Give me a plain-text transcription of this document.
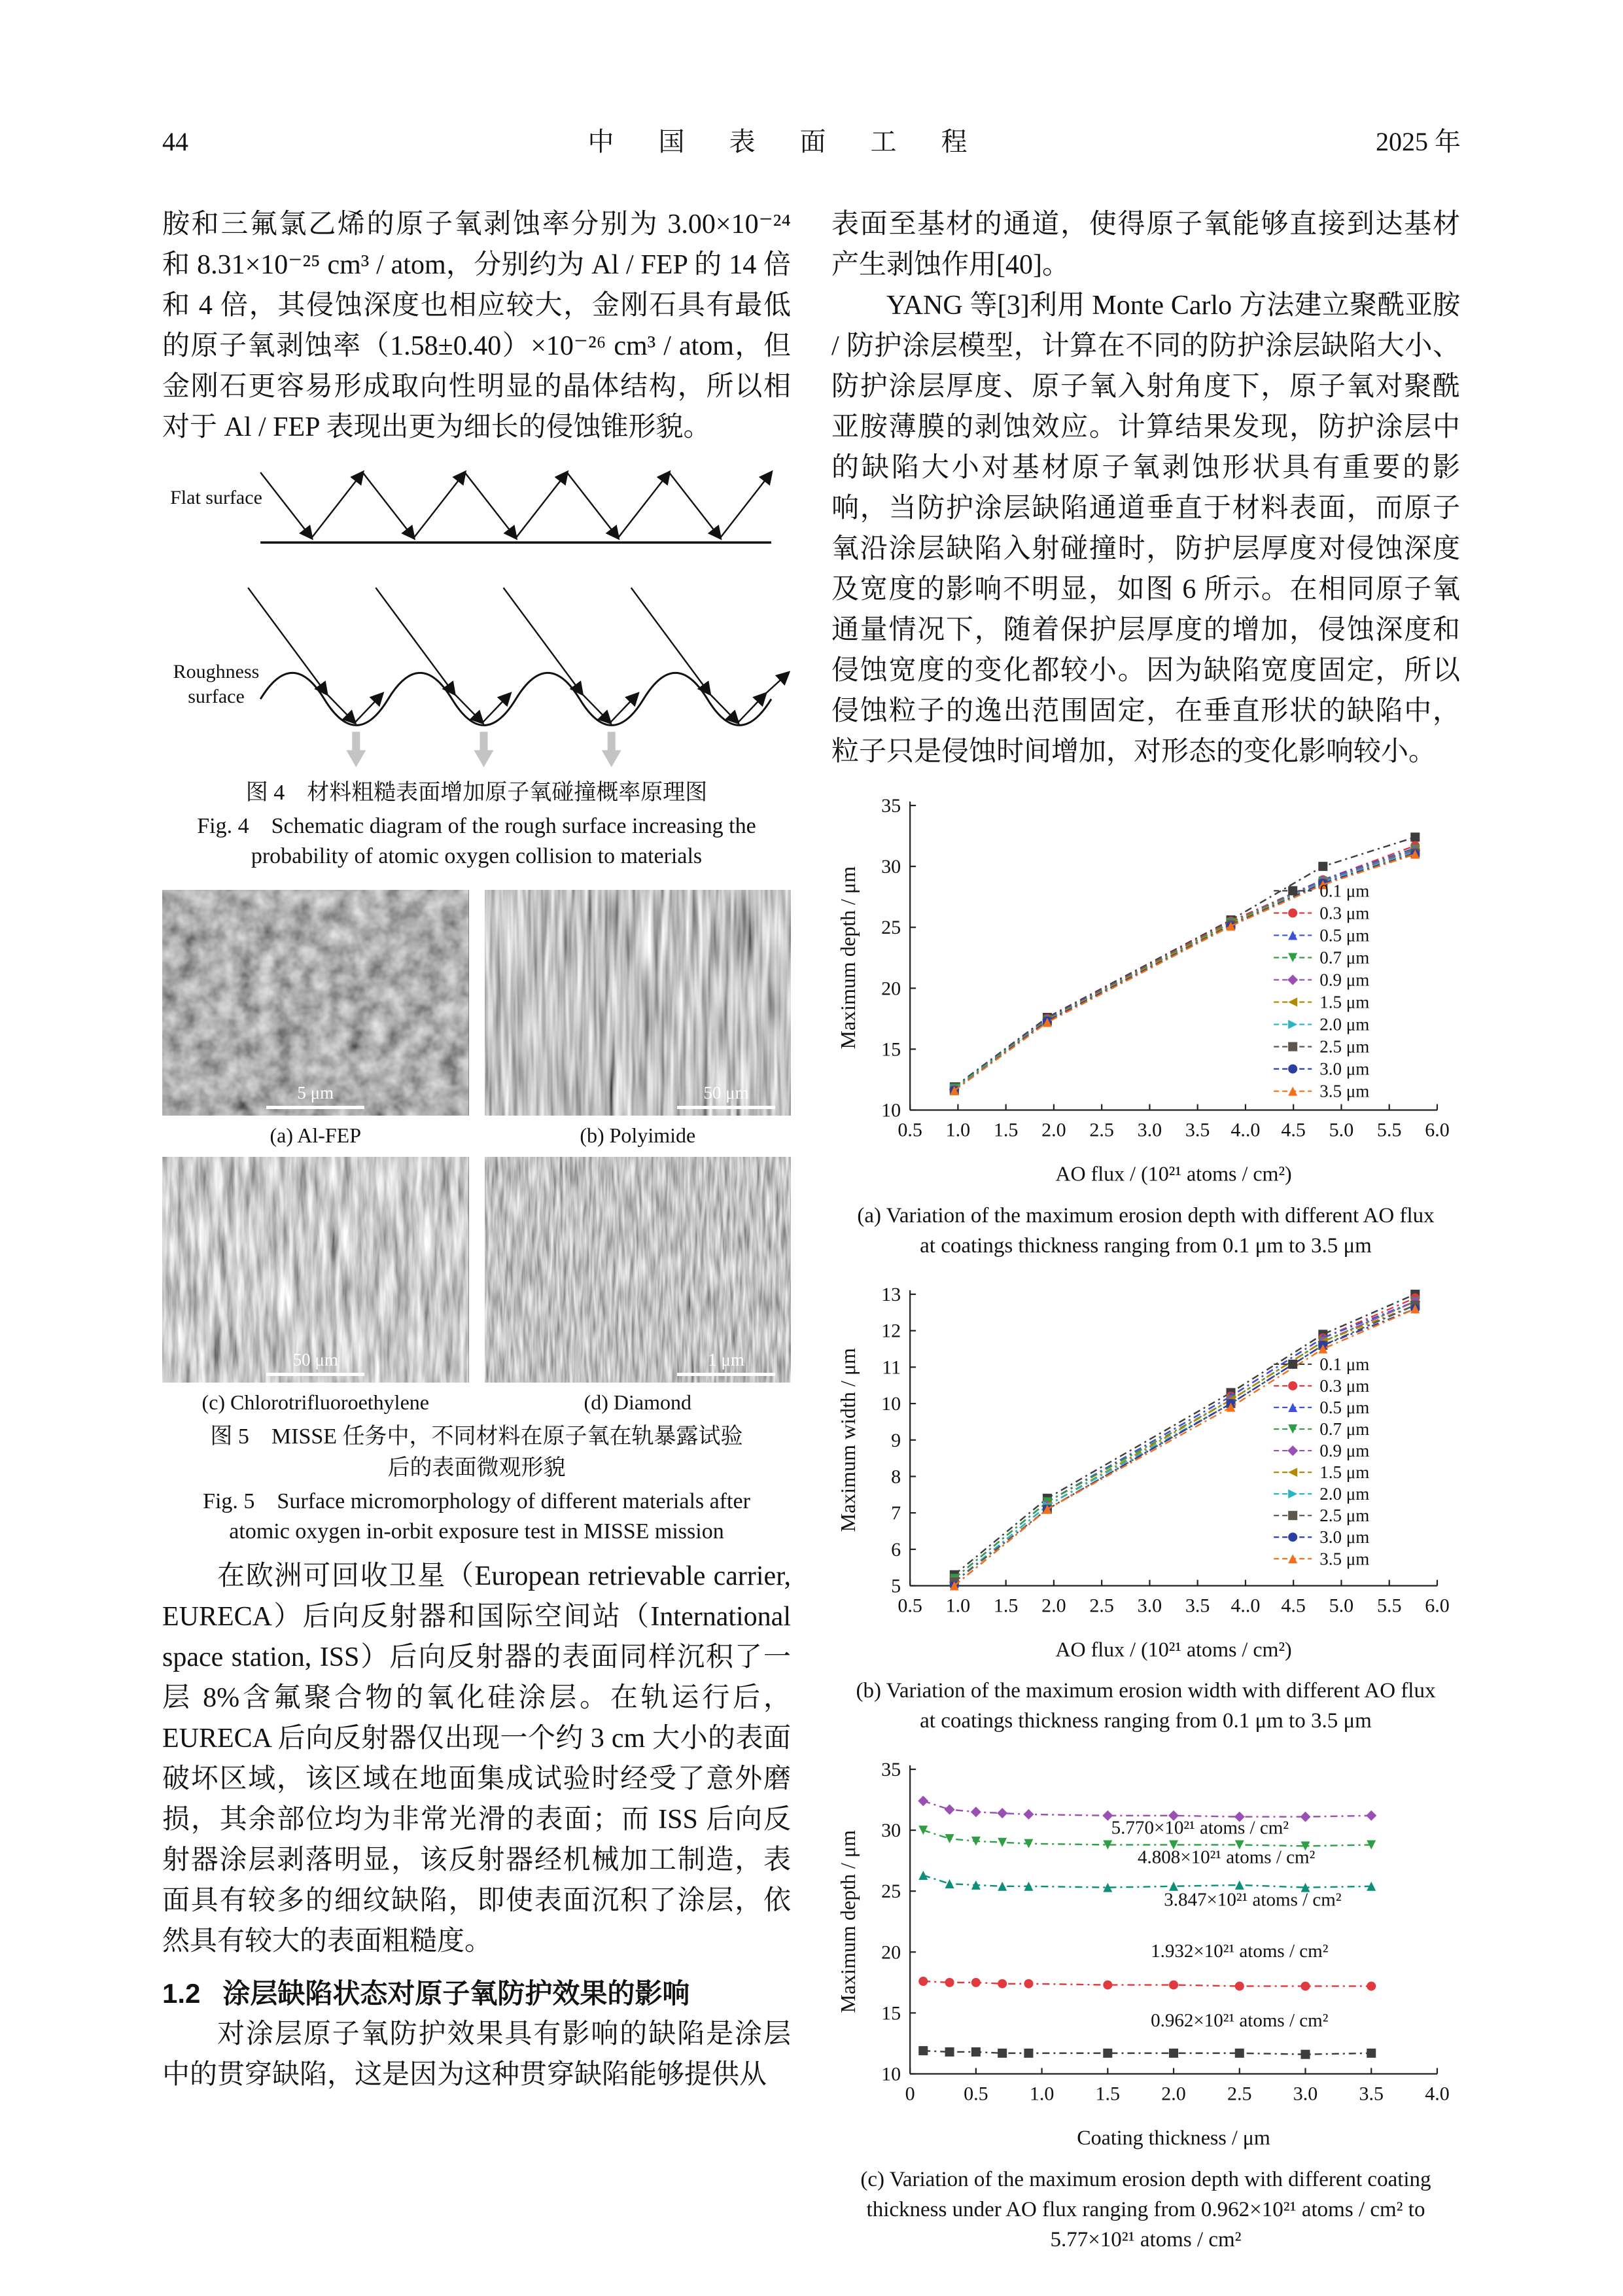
44	中　国　表　面　工　程	2025 年

胺和三氟氯乙烯的原子氧剥蚀率分别为 3.00×10⁻²⁴ 和 8.31×10⁻²⁵ cm³ / atom，分别约为 Al / FEP 的 14 倍和 4 倍，其侵蚀深度也相应较大，金刚石具有最低的原子氧剥蚀率（1.58±0.40）×10⁻²⁶ cm³ / atom，但金刚石更容易形成取向性明显的晶体结构，所以相对于 Al / FEP 表现出更为细长的侵蚀锥形貌。

Flat surface
Roughness surface
图 4　材料粗糙表面增加原子氧碰撞概率原理图
Fig. 4　Schematic diagram of the rough surface increasing the probability of atomic oxygen collision to materials
5 μm
(a) Al-FEP
50 μm
(b) Polyimide
50 μm
(c) Chlorotrifluoroethylene
1 μm
(d) Diamond
图 5　MISSE 任务中，不同材料在原子氧在轨暴露试验后的表面微观形貌
Fig. 5　Surface micromorphology of different materials after atomic oxygen in-orbit exposure test in MISSE mission

在欧洲可回收卫星（European retrievable carrier, EURECA）后向反射器和国际空间站（International space station, ISS）后向反射器的表面同样沉积了一层 8%含氟聚合物的氧化硅涂层。在轨运行后，EURECA 后向反射器仅出现一个约 3 cm 大小的表面破坏区域，该区域在地面集成试验时经受了意外磨损，其余部位均为非常光滑的表面；而 ISS 后向反射器涂层剥落明显，该反射器经机械加工制造，表面具有较多的细纹缺陷，即使表面沉积了涂层，依然具有较大的表面粗糙度。

1.2 涂层缺陷状态对原子氧防护效果的影响

对涂层原子氧防护效果具有影响的缺陷是涂层中的贯穿缺陷，这是因为这种贯穿缺陷能够提供从

表面至基材的通道，使得原子氧能够直接到达基材产生剥蚀作用[40]。

YANG 等[3]利用 Monte Carlo 方法建立聚酰亚胺 / 防护涂层模型，计算在不同的防护涂层缺陷大小、防护涂层厚度、原子氧入射角度下，原子氧对聚酰亚胺薄膜的剥蚀效应。计算结果发现，防护涂层中的缺陷大小对基材原子氧剥蚀形状具有重要的影响，当防护涂层缺陷通道垂直于材料表面，而原子氧沿涂层缺陷入射碰撞时，防护层厚度对侵蚀深度及宽度的影响不明显，如图 6 所示。在相同原子氧通量情况下，随着保护层厚度的增加，侵蚀深度和侵蚀宽度的变化都较小。因为缺陷宽度固定，所以侵蚀粒子的逸出范围固定，在垂直形状的缺陷中，粒子只是侵蚀时间增加，对形态的变化影响较小。

0.5 1.0 1.5 2.0 2.5 3.0 3.5 4..0 4.5 5.0 5.5 6.0
10
15
20
25
30
35
AO flux / (10²¹ atoms / cm²)
Maximum depth / μm	0.1 μm
0.3 μm
0.5 μm
0.7 μm
0.9 μm
1.5 μm
2.0 μm
2.5 μm
3.0 μm
3.5 μm
(a) Variation of the maximum erosion depth with different AO flux at coatings thickness ranging from 0.1 μm to 3.5 μm
0.5 1.0 1.5 2.0 2.5 3.0 3.5 4..0 4.5 5.0 5.5 6.0
5
6
7
8
9
10
11
12
13
AO flux / (10²¹ atoms / cm²)
Maximum width / μm	0.1 μm
0.3 μm
0.5 μm
0.7 μm
0.9 μm
1.5 μm
2.0 μm
2.5 μm
3.0 μm
3.5 μm
(b) Variation of the maximum erosion width with different AO flux at coatings thickness ranging from 0.1 μm to 3.5 μm
0 0.5 1.0 1.5 2.0 2.5 3.0 3.5 4.0
10
15
20
25
30
35
Coating thickness / μm
Maximum depth / μm
5.770×10²¹ atoms / cm²
4.808×10²¹ atoms / cm²
3.847×10²¹ atoms / cm²
1.932×10²¹ atoms / cm²
0.962×10²¹ atoms / cm²
(c) Variation of the maximum erosion depth with different coating thickness under AO flux ranging from 0.962×10²¹ atoms / cm² to 5.77×10²¹ atoms / cm²
